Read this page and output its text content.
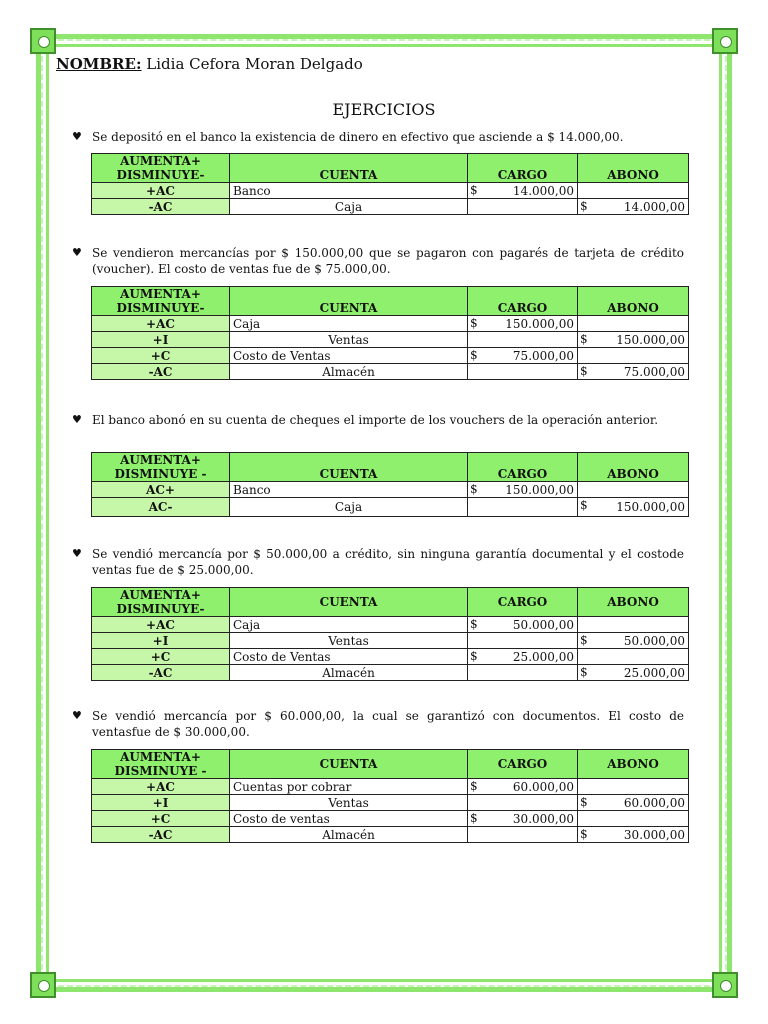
NOMBRE: Lidia Cefora Moran Delgado
EJERCICIOS
♥ Se depositó en el banco la existencia de dinero en efectivo que asciende a $ 14.000,00.
AUMENTA+
DISMINUYE-	CUENTA	CARGO	ABONO
+AC	Banco	$ 14.000,00	

-AC	Caja		$ 14.000,00
♥ Se vendieron mercancías por $ 150.000,00 que se pagaron con pagarés de tarjeta de crédito (voucher). El costo de ventas fue de $ 75.000,00.
AUMENTA+
DISMINUYE-	CUENTA	CARGO	ABONO
+AC	Caja	$ 150.000,00	

+I	Ventas		$ 150.000,00

+C	Costo de Ventas	$ 75.000,00	

-AC	Almacén		$ 75.000,00
♥ El banco abonó en su cuenta de cheques el importe de los vouchers de la operación anterior.
AUMENTA+
DISMINUYE -	CUENTA	CARGO	ABONO
AC+	Banco	$ 150.000,00	

AC-	Caja		$ 150.000,00
♥ Se vendió mercancía por $ 50.000,00 a crédito, sin ninguna garantía documental y el costode ventas fue de $ 25.000,00.
AUMENTA+
DISMINUYE-	CUENTA	CARGO	ABONO
+AC	Caja	$ 50.000,00	

+I	Ventas		$ 50.000,00

+C	Costo de Ventas	$ 25.000,00	

-AC	Almacén		$ 25.000,00
♥ Se vendió mercancía por $ 60.000,00, la cual se garantizó con documentos. El costo de ventasfue de $ 30.000,00.
AUMENTA+
DISMINUYE -	CUENTA	CARGO	ABONO
+AC	Cuentas por cobrar	$ 60.000,00	

+I	Ventas		$ 60.000,00

+C	Costo de ventas	$ 30.000,00	

-AC	Almacén		$ 30.000,00
